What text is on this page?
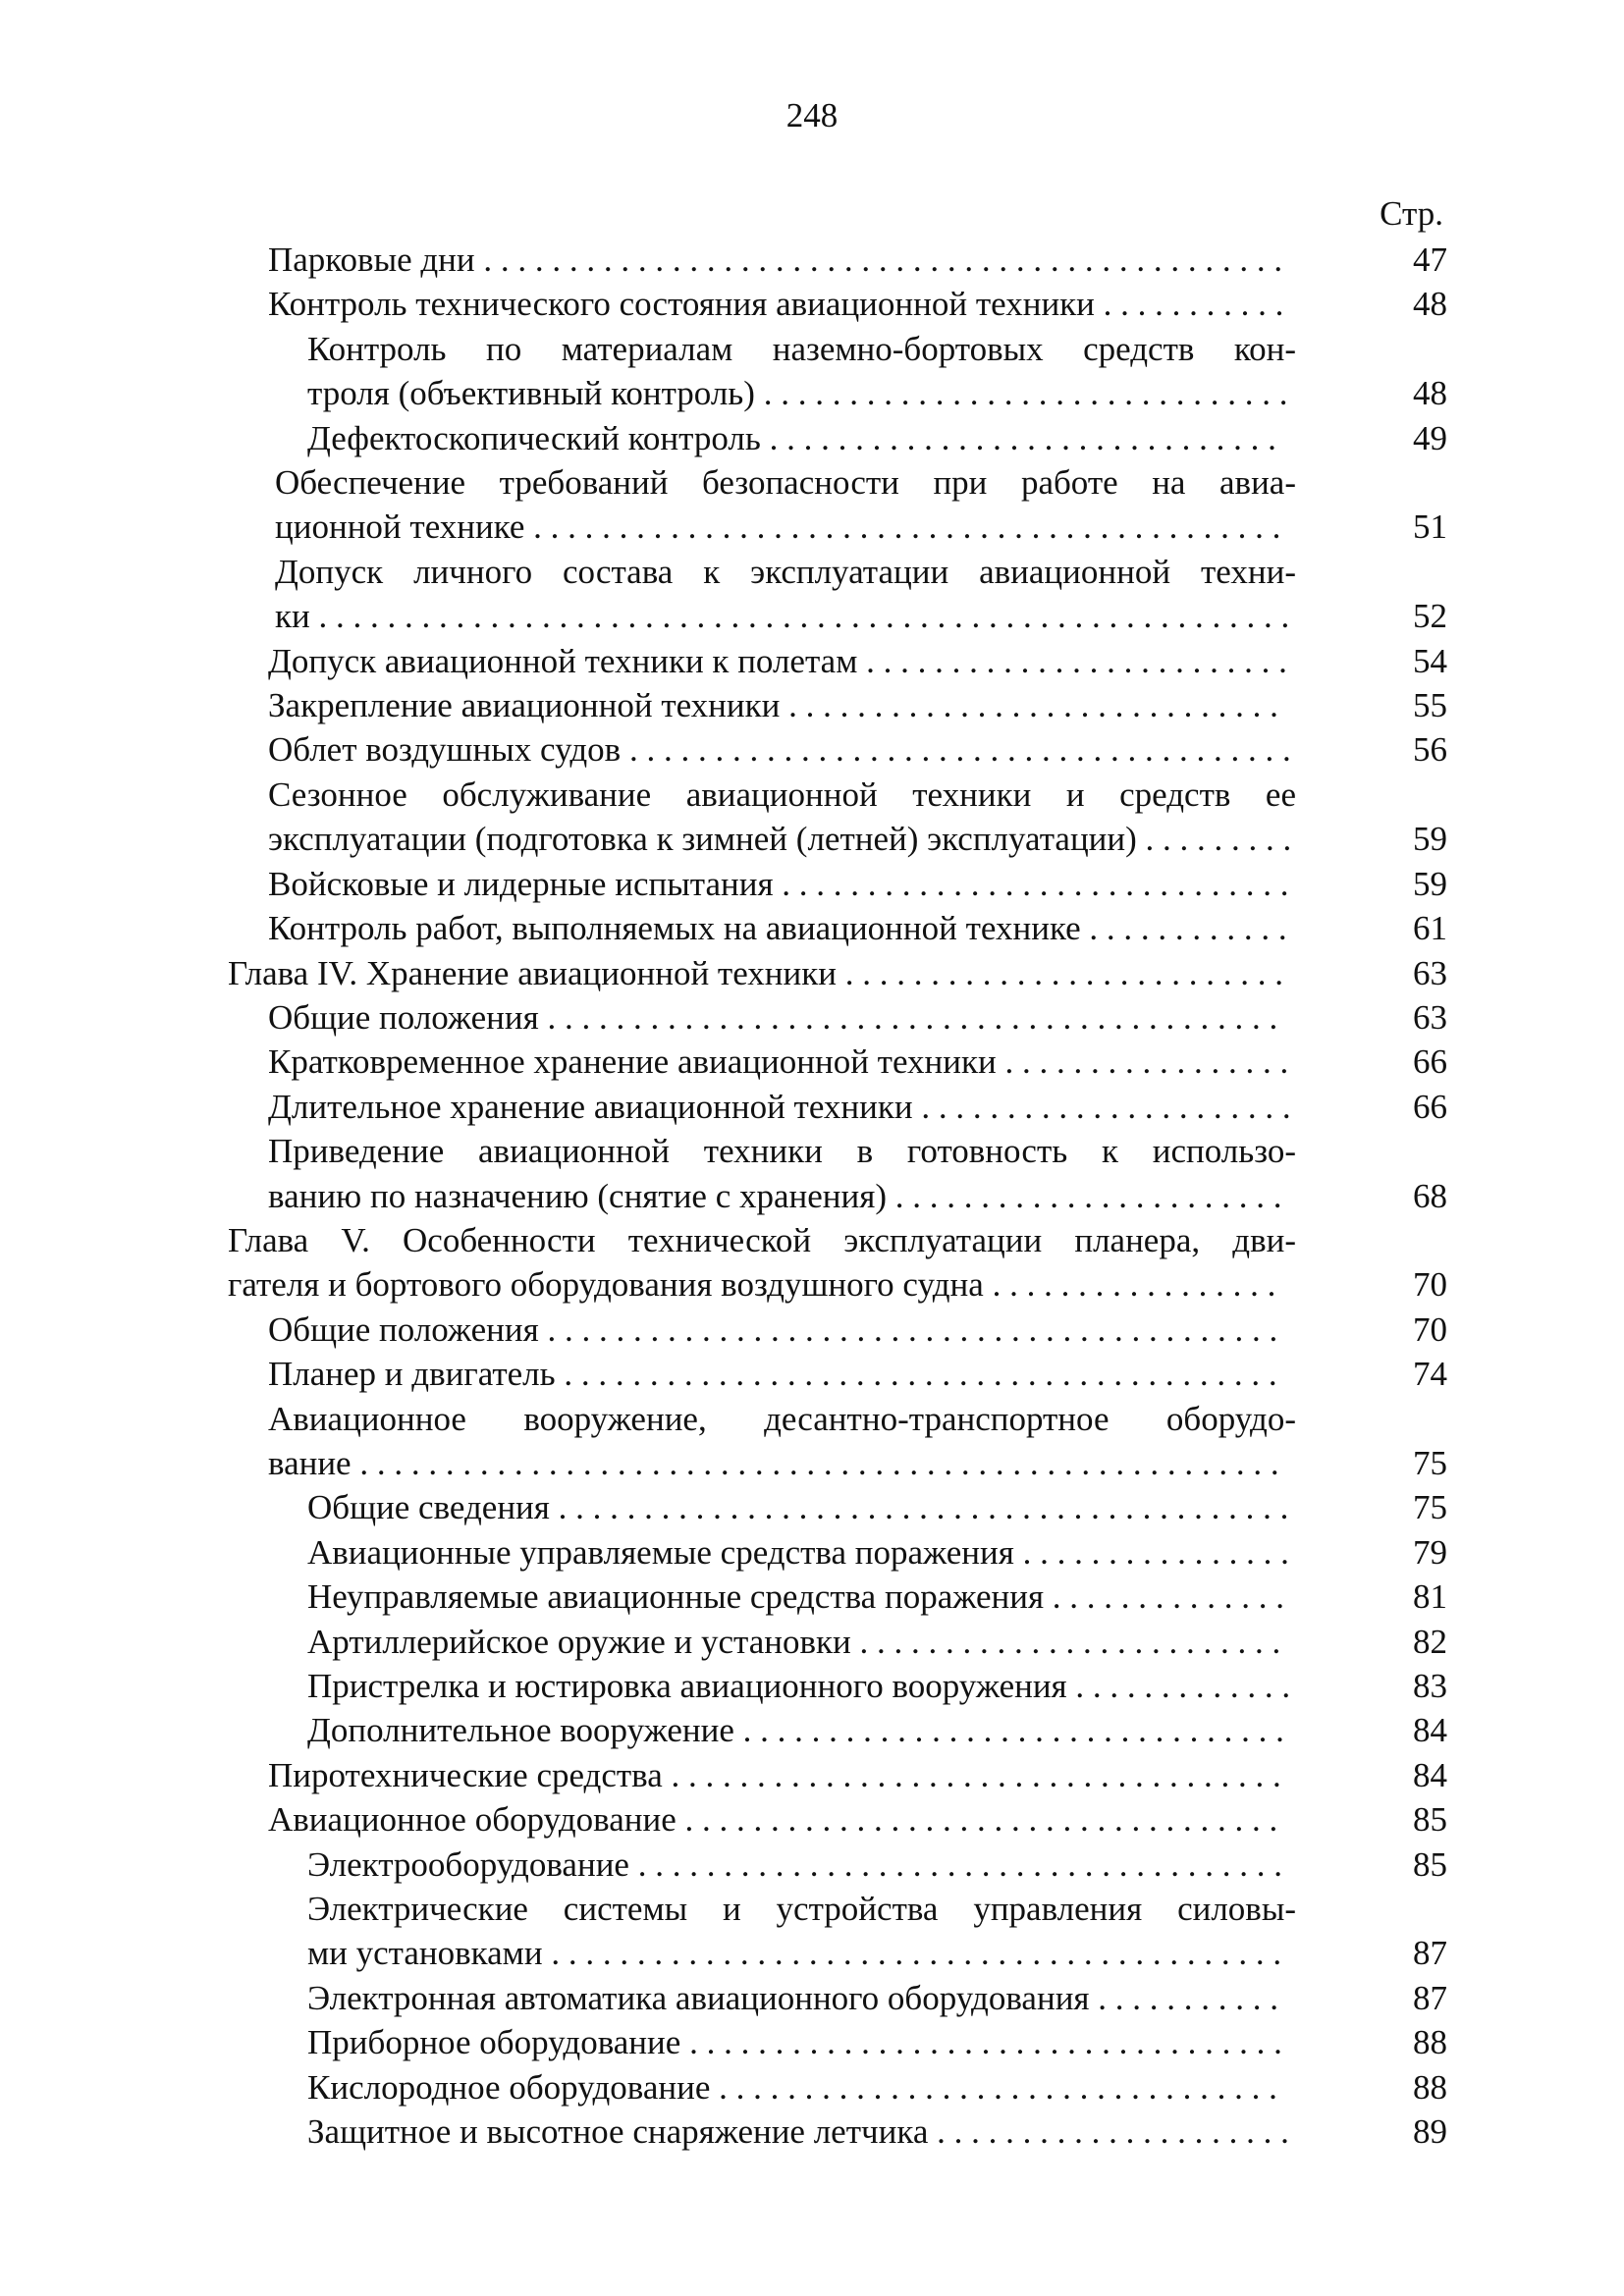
248
Стр.
Парковые дни . . . . . . . . . . . . . . . . . . . . . . . . . . . . . . . . . . . . . . . . . . . . . . .	47
Контроль технического состояния авиационной техники . . . . . . . . . . .	48
Контроль по материалам наземно-бортовых средств кон-
троля (объективный контроль) . . . . . . . . . . . . . . . . . . . . . . . . . . . . . . .	48
Дефектоскопический контроль . . . . . . . . . . . . . . . . . . . . . . . . . . . . . .	49
Обеспечение требований безопасности при работе на авиа-
ционной технике . . . . . . . . . . . . . . . . . . . . . . . . . . . . . . . . . . . . . . . . . . . .	51
Допуск личного состава к эксплуатации авиационной техни-
ки . . . . . . . . . . . . . . . . . . . . . . . . . . . . . . . . . . . . . . . . . . . . . . . . . . . . . . . . .	52
Допуск авиационной техники к полетам . . . . . . . . . . . . . . . . . . . . . . . . .	54
Закрепление авиационной техники . . . . . . . . . . . . . . . . . . . . . . . . . . . . .	55
Облет воздушных судов . . . . . . . . . . . . . . . . . . . . . . . . . . . . . . . . . . . . . . .	56
Сезонное обслуживание авиационной техники и средств ее
эксплуатации (подготовка к зимней (летней) эксплуатации) . . . . . . . . .	59
Войсковые и лидерные испытания . . . . . . . . . . . . . . . . . . . . . . . . . . . . . .	59
Контроль работ, выполняемых на авиационной технике . . . . . . . . . . . .	61
Глава IV. Хранение авиационной техники . . . . . . . . . . . . . . . . . . . . . . . . . .	63
Общие положения . . . . . . . . . . . . . . . . . . . . . . . . . . . . . . . . . . . . . . . . . . .	63
Кратковременное хранение авиационной техники . . . . . . . . . . . . . . . . .	66
Длительное хранение авиационной техники . . . . . . . . . . . . . . . . . . . . . .	66
Приведение авиационной техники в готовность к использо-
ванию по назначению (снятие с хранения) . . . . . . . . . . . . . . . . . . . . . . .	68
Глава V. Особенности технической эксплуатации планера, дви-
гателя и бортового оборудования воздушного судна . . . . . . . . . . . . . . . . .	70
Общие положения . . . . . . . . . . . . . . . . . . . . . . . . . . . . . . . . . . . . . . . . . . .	70
Планер и двигатель . . . . . . . . . . . . . . . . . . . . . . . . . . . . . . . . . . . . . . . . . .	74
Авиационное вооружение, десантно-транспортное оборудо-
вание . . . . . . . . . . . . . . . . . . . . . . . . . . . . . . . . . . . . . . . . . . . . . . . . . . . . . .	75
Общие сведения . . . . . . . . . . . . . . . . . . . . . . . . . . . . . . . . . . . . . . . . . . .	75
Авиационные управляемые средства поражения . . . . . . . . . . . . . . . .	79
Неуправляемые авиационные средства поражения . . . . . . . . . . . . . .	81
Артиллерийское оружие и установки . . . . . . . . . . . . . . . . . . . . . . . . .	82
Пристрелка и юстировка авиационного вооружения . . . . . . . . . . . . .	83
Дополнительное вооружение . . . . . . . . . . . . . . . . . . . . . . . . . . . . . . . .	84
Пиротехнические средства . . . . . . . . . . . . . . . . . . . . . . . . . . . . . . . . . . . .	84
Авиационное оборудование . . . . . . . . . . . . . . . . . . . . . . . . . . . . . . . . . . .	85
Электрооборудование . . . . . . . . . . . . . . . . . . . . . . . . . . . . . . . . . . . . . .	85
Электрические системы и устройства управления силовы-
ми установками . . . . . . . . . . . . . . . . . . . . . . . . . . . . . . . . . . . . . . . . . . .	87
Электронная автоматика авиационного оборудования . . . . . . . . . . .	87
Приборное оборудование . . . . . . . . . . . . . . . . . . . . . . . . . . . . . . . . . . .	88
Кислородное оборудование . . . . . . . . . . . . . . . . . . . . . . . . . . . . . . . . .	88
Защитное и высотное снаряжение летчика . . . . . . . . . . . . . . . . . . . . .	89
